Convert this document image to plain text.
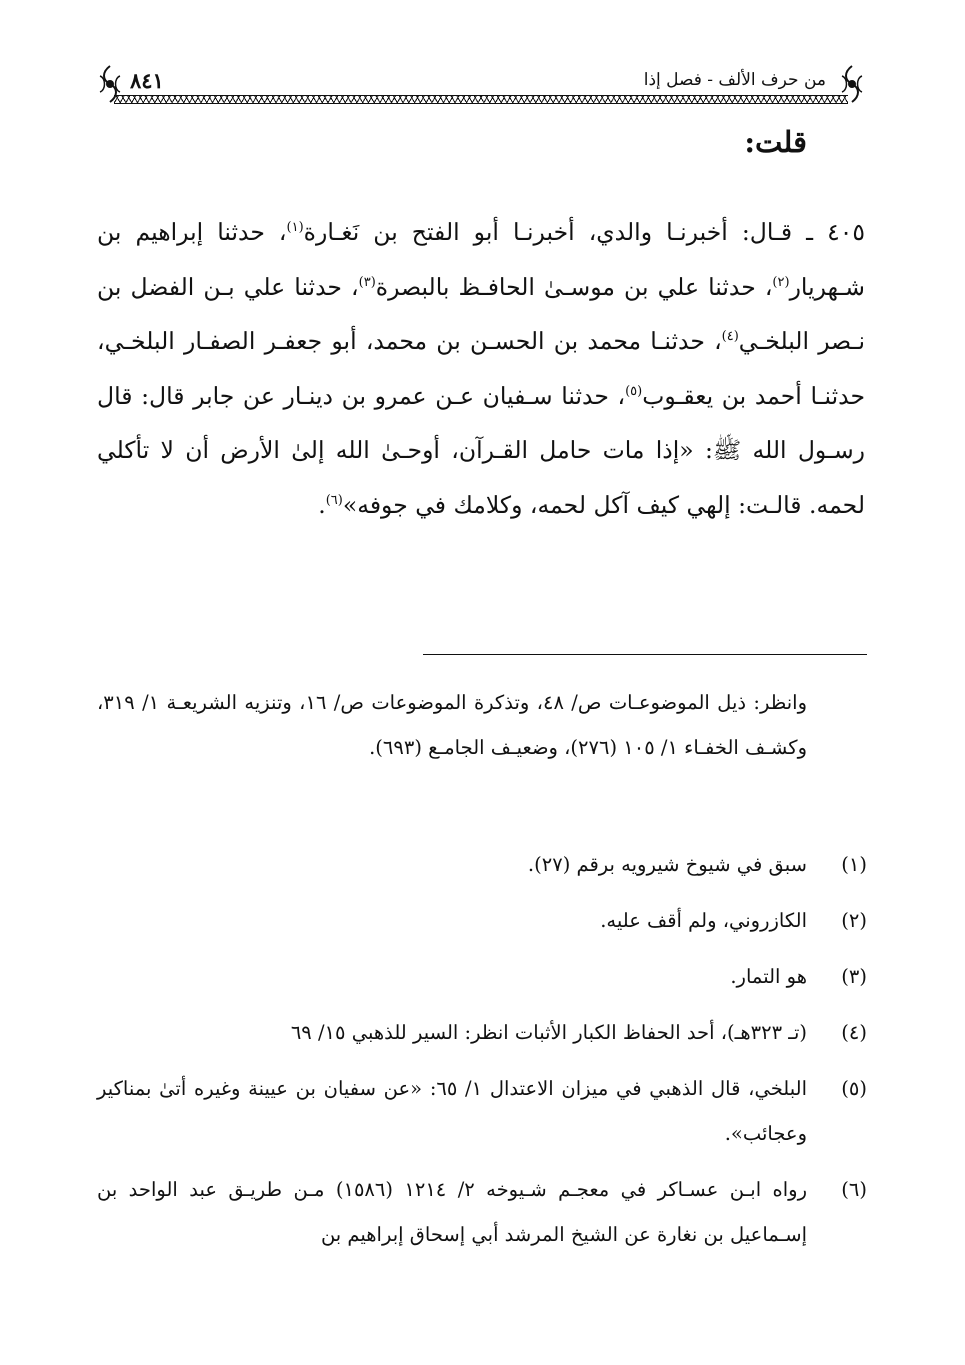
من حرف الألف - فصل إذا
٨٤١
قلت:

٤٠٥ ـ قـال: أخبرنـا والدي، أخبرنـا أبو الفتح بن نَغـارة$^{(١)}$، حدثنا إبراهيم بن شـهريار$^{(٢)}$، حدثنا علي بن موسـىٰ الحافـظ بالبصرة$^{(٣)}$، حدثنا علي بـن الفضل بن نـصر البلخـي$^{(٤)}$، حدثنـا محمد بن الحسـن بن محمد، أبو جعفـر الصفـار البلخـي، حدثنـا أحمد بن يعقـوب$^{(٥)}$، حدثنا سـفيان عـن عمرو بن دينـار عن جابر قال: قال رسـول الله ﷺ: «إذا مات حامل القـرآن، أوحـىٰ الله إلىٰ الأرض أن لا تأكلي لحمه. قالـت: إلهي كيف آكل لحمه، وكلامك في جوفه»$^{(٦)}$.

وانظر: ذيل الموضوعـات ص/ ٤٨، وتذكرة الموضوعات ص/ ١٦، وتنزيه الشريعـة ١/ ٣١٩، وكشـف الخفـاء ١/ ١٠٥ (٢٧٦)، وضعيـف الجامـع (٦٩٣).

(١)
سبق في شيوخ شيرويه برقم (٢٧).
(٢)
الكازروني، ولم أقف عليه.
(٣)
هو التمار.
(٤)
(تـ ٣٢٣هـ)، أحد الحفاظ الكبار الأثبات انظر: السير للذهبي ١٥/ ٦٩
(٥)
البلخي، قال الذهبي في ميزان الاعتدال ١/ ٦٥: «عن سفيان بن عيينة وغيره أتىٰ بمناكير وعجائب».
(٦)
رواه ابـن عسـاكر في معجـم شـيوخه ٢/ ١٢١٤ (١٥٨٦) مـن طريـق عبد الواحد بن إسـماعيل بن نغارة عن الشيخ المرشد أبي إسحاق إبراهيم بن
